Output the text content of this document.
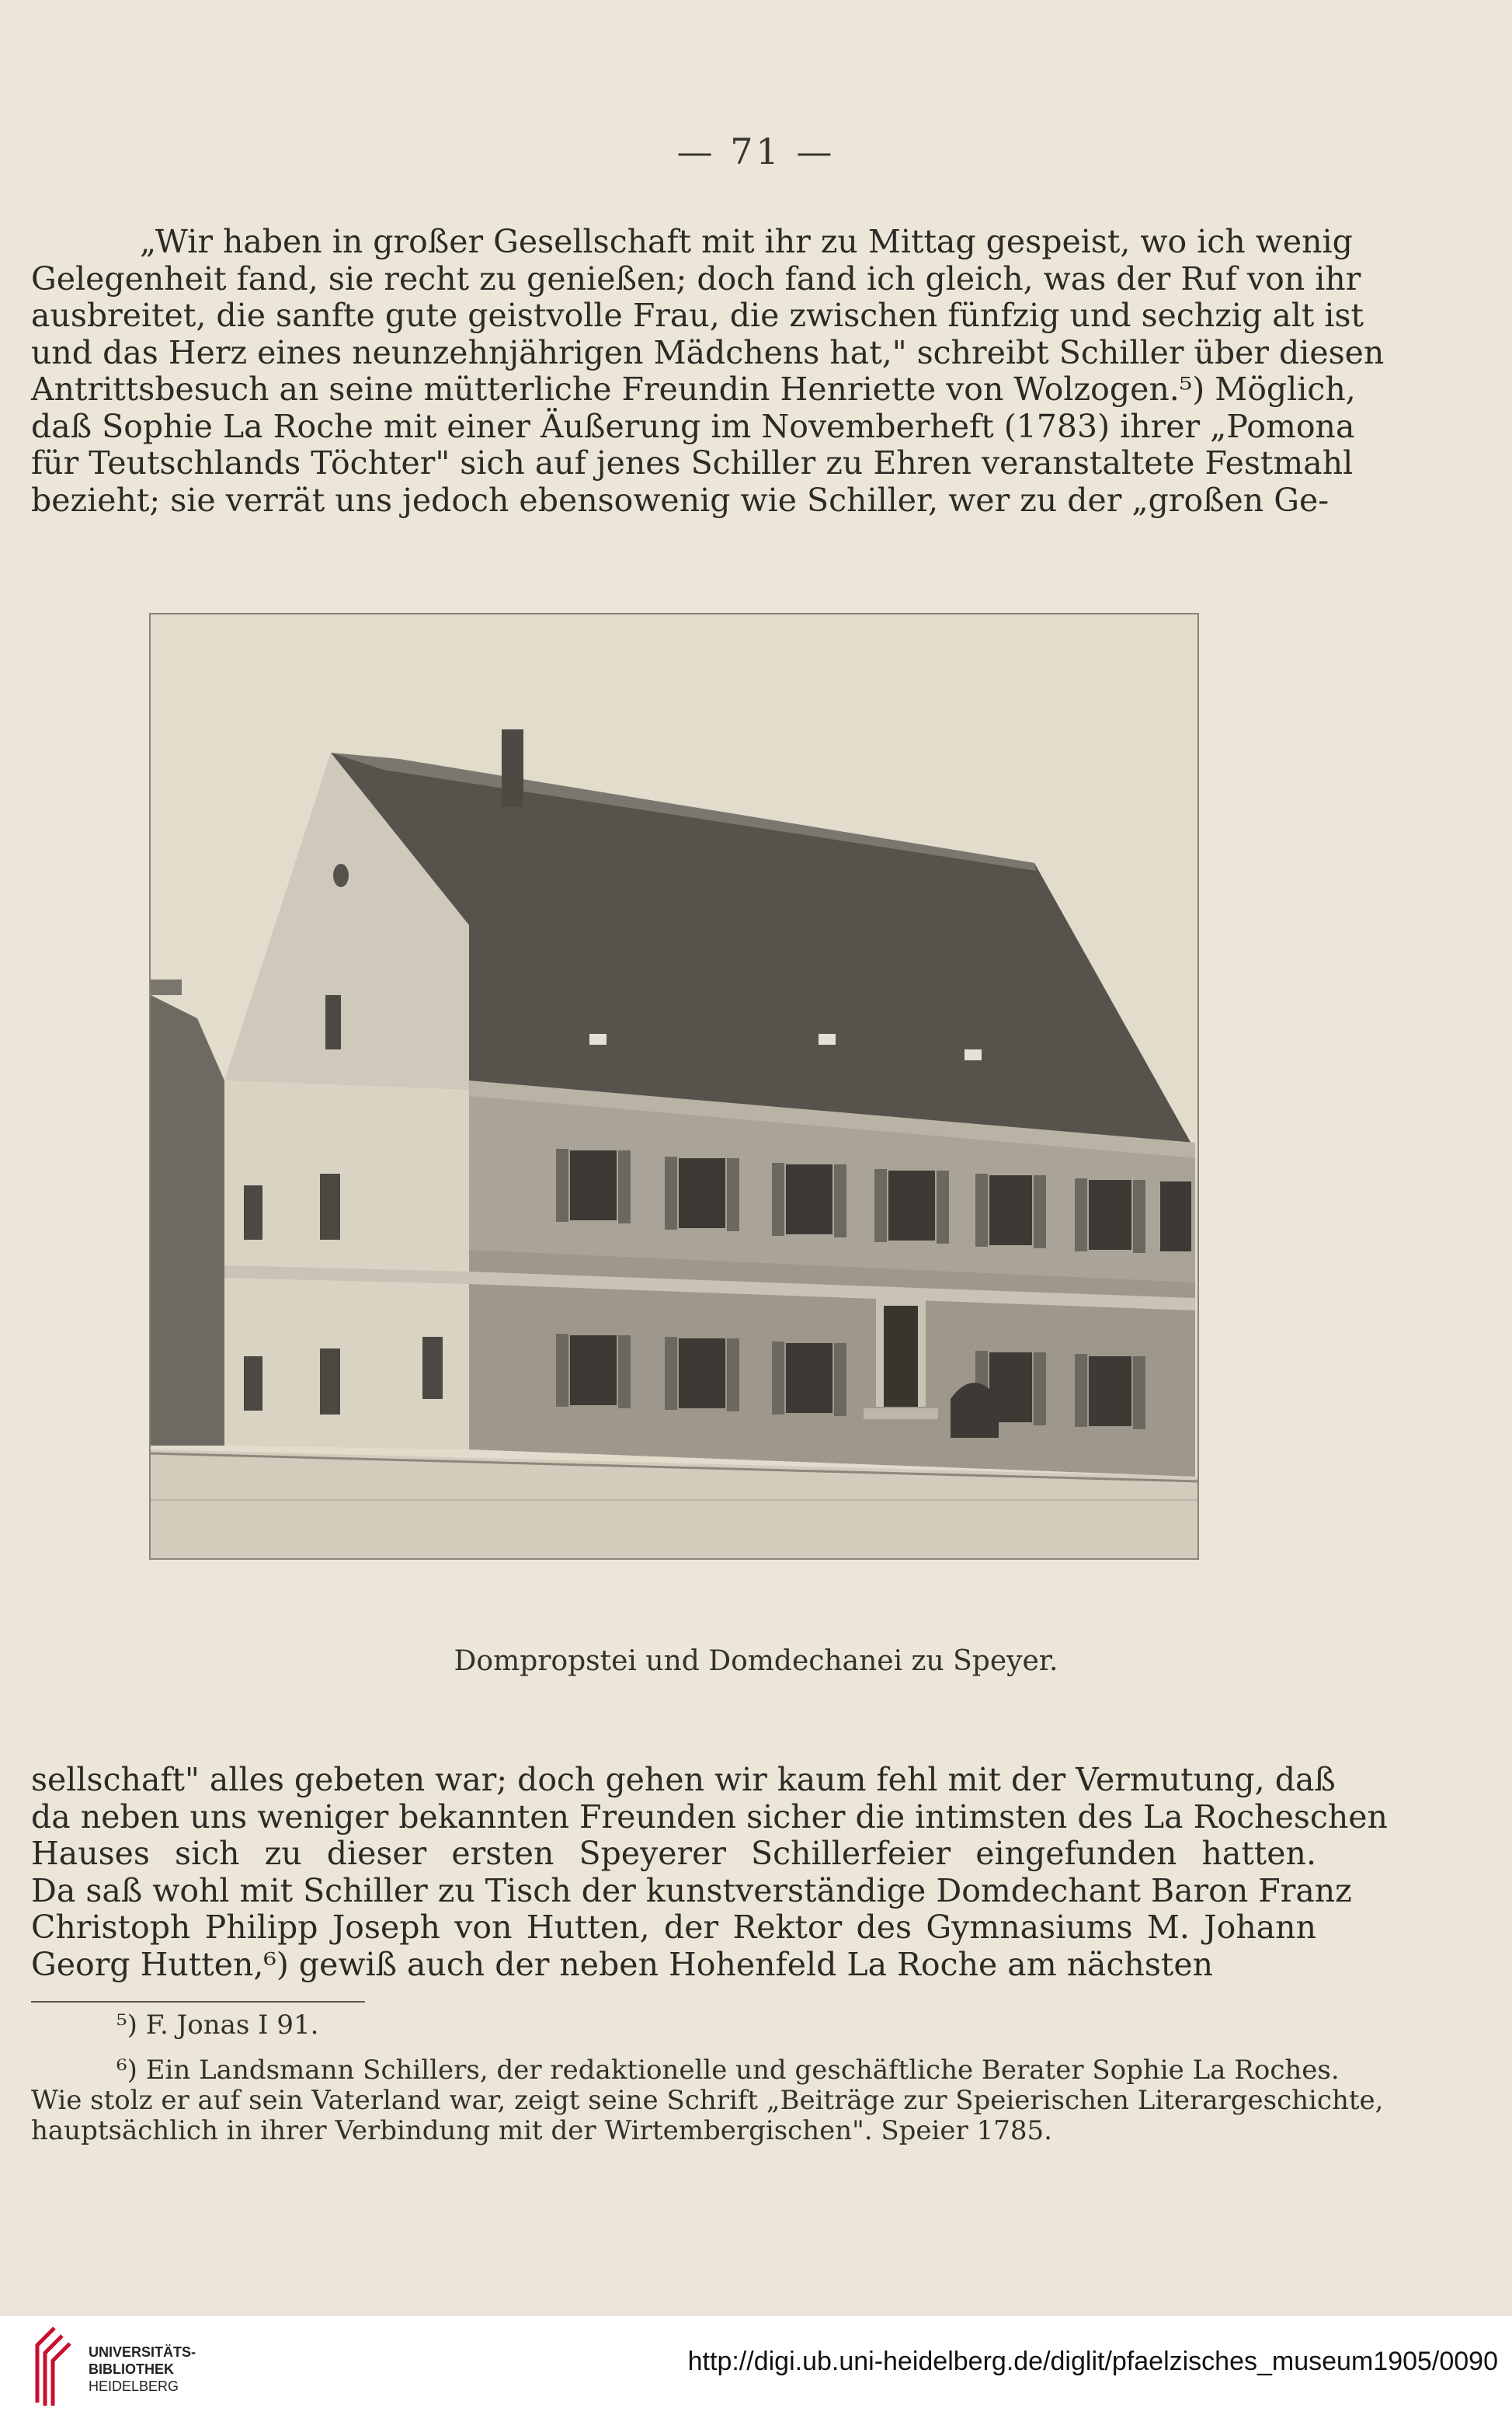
— 71 —
„Wir haben in großer Gesellschaft mit ihr zu Mittag gespeist, wo ich wenig
Gelegenheit fand, sie recht zu genießen; doch fand ich gleich, was der Ruf von ihr
ausbreitet, die sanfte gute geistvolle Frau, die zwischen fünfzig und sechzig alt ist
und das Herz eines neunzehnjährigen Mädchens hat," schreibt Schiller über diesen
Antrittsbesuch an seine mütterliche Freundin Henriette von Wolzogen.⁵) Möglich,
daß Sophie La Roche mit einer Äußerung im Novemberheft (1783) ihrer „Pomona
für Teutschlands Töchter" sich auf jenes Schiller zu Ehren veranstaltete Festmahl
bezieht; sie verrät uns jedoch ebensowenig wie Schiller, wer zu der „großen Ge-
Dompropstei und Domdechanei zu Speyer.
sellschaft" alles gebeten war; doch gehen wir kaum fehl mit der Vermutung, daß
da neben uns weniger bekannten Freunden sicher die intimsten des La Rocheschen
Hauses sich zu dieser ersten Speyerer Schillerfeier eingefunden hatten.
Da saß wohl mit Schiller zu Tisch der kunstverständige Domdechant Baron Franz
Christoph Philipp Joseph von Hutten, der Rektor des Gymnasiums M. Johann
Georg Hutten,⁶) gewiß auch der neben Hohenfeld La Roche am nächsten
⁵) F. Jonas I 91.
⁶) Ein Landsmann Schillers, der redaktionelle und geschäftliche Berater Sophie La Roches.
Wie stolz er auf sein Vaterland war, zeigt seine Schrift „Beiträge zur Speierischen Literargeschichte,
hauptsächlich in ihrer Verbindung mit der Wirtembergischen". Speier 1785.
UNIVERSITÄTS-
BIBLIOTHEK
HEIDELBERG
http://digi.ub.uni-heidelberg.de/diglit/pfaelzisches_museum1905/0090
